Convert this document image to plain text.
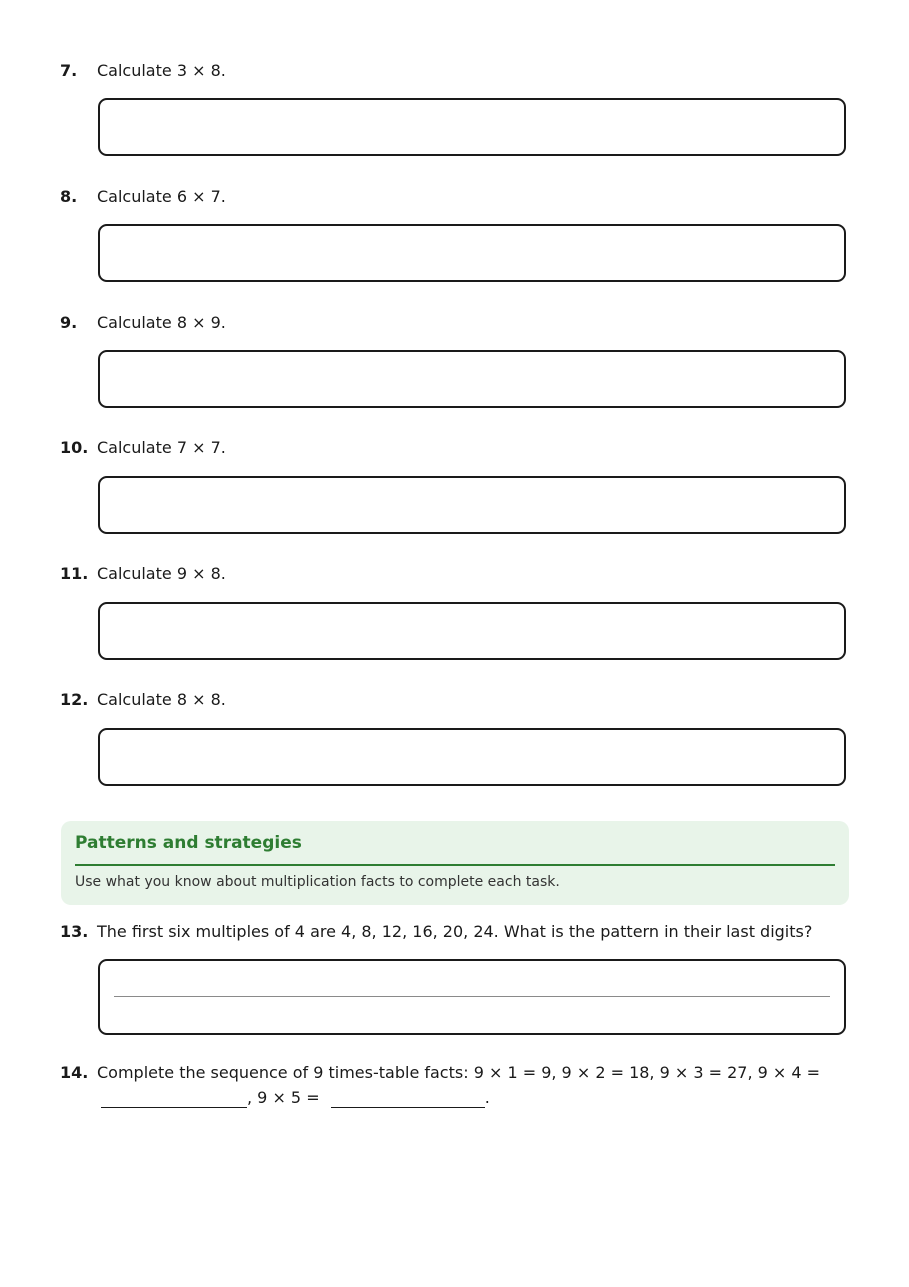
7. Calculate 3 × 8.
8. Calculate 6 × 7.
9. Calculate 8 × 9.
10. Calculate 7 × 7.
11. Calculate 9 × 8.
12. Calculate 8 × 8.
Patterns and strategies
Use what you know about multiplication facts to complete each task.
13. The first six multiples of 4 are 4, 8, 12, 16, 20, 24. What is the pattern in their last digits?
14. Complete the sequence of 9 times-table facts: 9 × 1 = 9, 9 × 2 = 18, 9 × 3 = 27, 9 × 4 =
, 9 × 5 =	.
